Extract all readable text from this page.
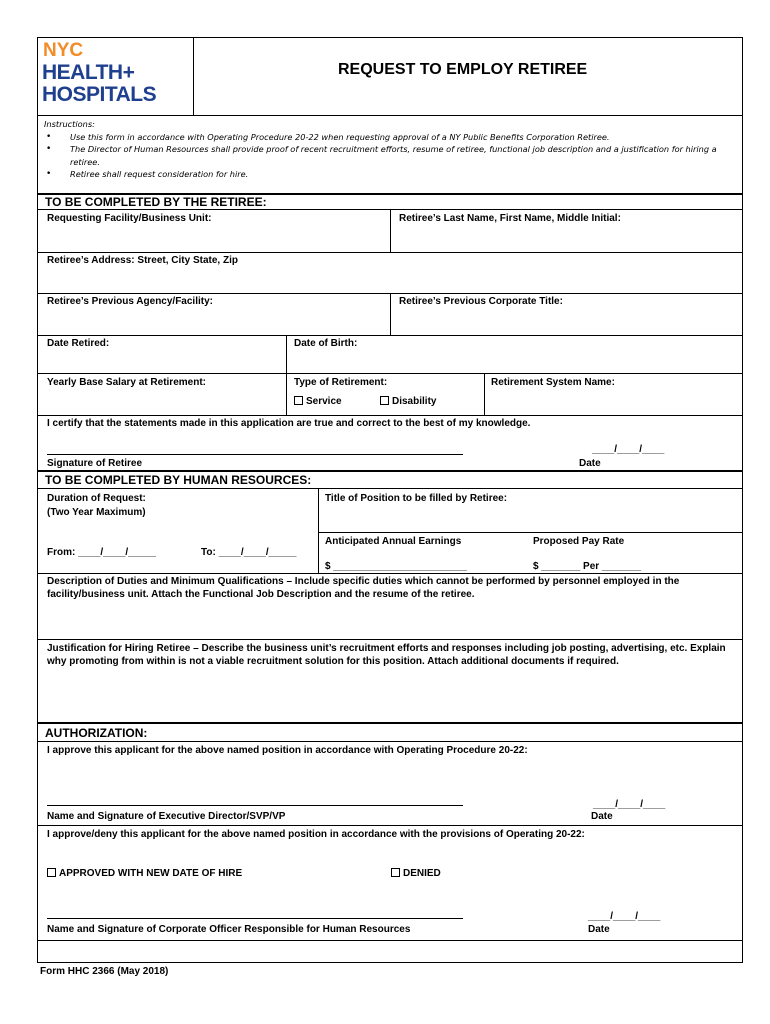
NYC
HEALTH+
HOSPITALS
REQUEST TO EMPLOY RETIREE
Instructions:
• Use this form in accordance with Operating Procedure 20-22 when requesting approval of a NY Public Benefits Corporation Retiree.
• The Director of Human Resources shall provide proof of recent recruitment efforts, resume of retiree, functional job description and a justification for hiring a retiree.
• Retiree shall request consideration for hire.
TO BE COMPLETED BY THE RETIREE:
Requesting Facility/Business Unit:	Retiree’s Last Name, First Name, Middle Initial:
Retiree’s Address: Street, City State, Zip
Retiree’s Previous Agency/Facility:	Retiree’s Previous Corporate Title:
Date Retired:	Date of Birth:
Yearly Base Salary at Retirement:	Type of Retirement:
Service	Disability
Retirement System Name:
I certify that the statements made in this application are true and correct to the best of my knowledge.
Signature of Retiree
____/____/____
Date
TO BE COMPLETED BY HUMAN RESOURCES:
Duration of Request:
(Two Year Maximum)
From: ____/____/_____	To: ____/____/_____
Title of Position to be filled by Retiree:
Anticipated Annual Earnings	Proposed Pay Rate
$ ________________________	$ _______ Per _______
Description of Duties and Minimum Qualifications – Include specific duties which cannot be performed by personnel employed in the facility/business unit. Attach the Functional Job Description and the resume of the retiree.
Justification for Hiring Retiree – Describe the business unit’s recruitment efforts and responses including job posting, advertising, etc. Explain why promoting from within is not a viable recruitment solution for this position. Attach additional documents if required.
AUTHORIZATION:
I approve this applicant for the above named position in accordance with Operating Procedure 20-22:
Name and Signature of Executive Director/SVP/VP
____/____/____
Date
I approve/deny this applicant for the above named position in accordance with the provisions of Operating 20-22:
APPROVED WITH NEW DATE OF HIRE	DENIED
Name and Signature of Corporate Officer Responsible for Human Resources
____/____/____
Date
Form HHC 2366 (May 2018)
